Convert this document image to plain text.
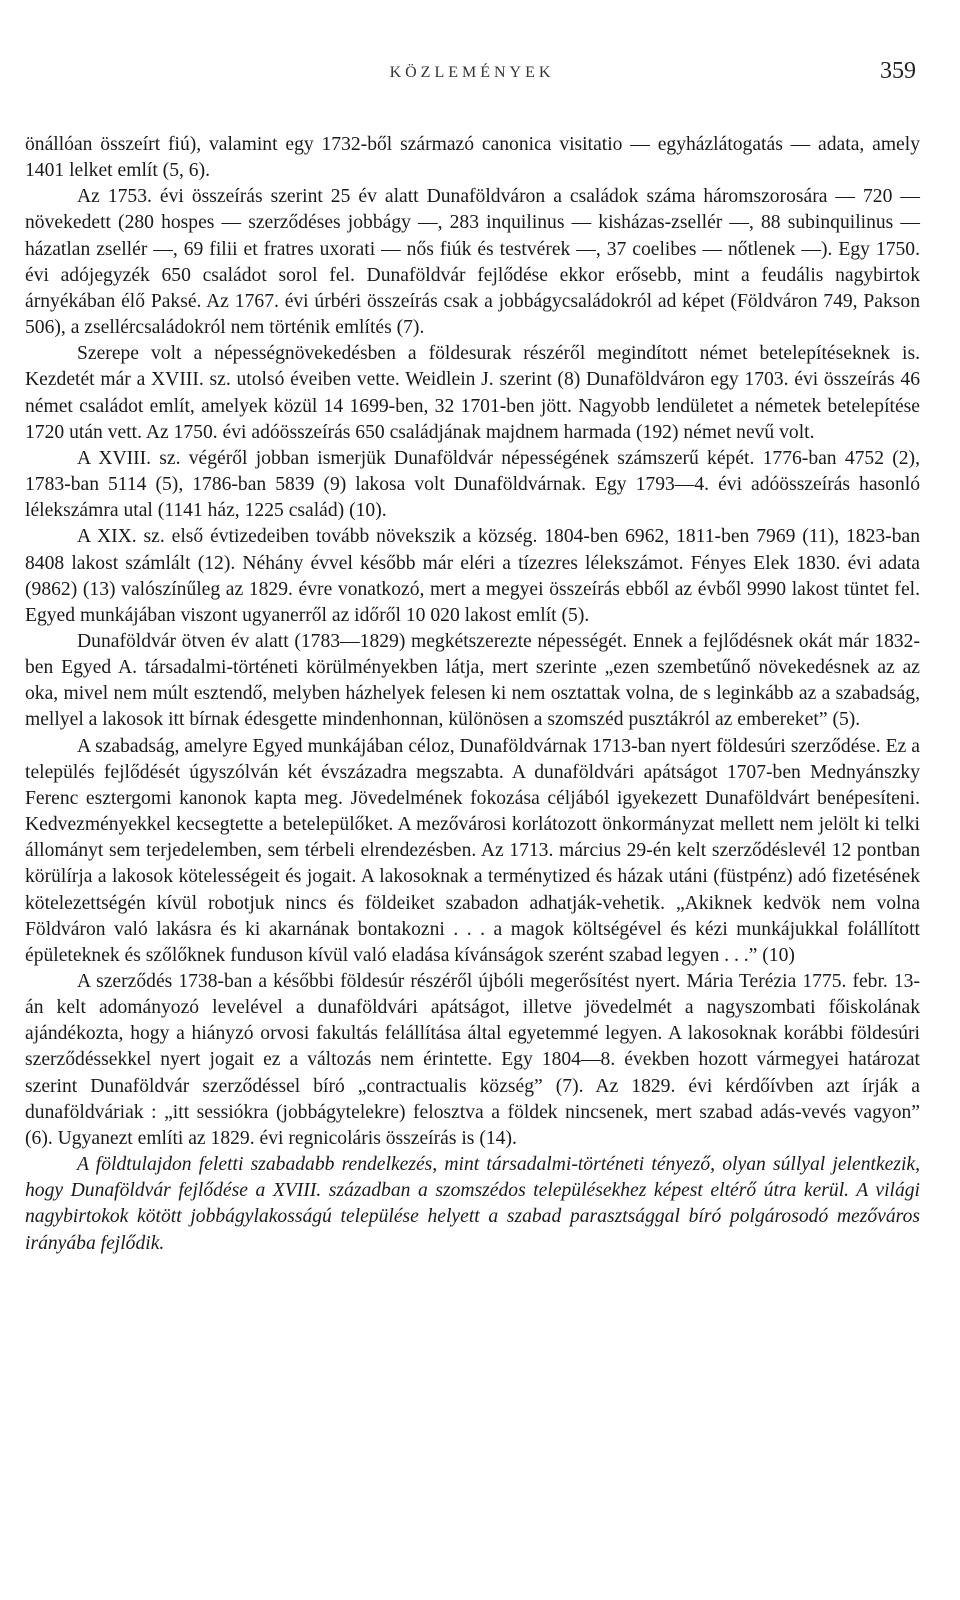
KÖZLEMÉNYEK	359

önállóan összeírt fiú), valamint egy 1732-ből származó canonica visitatio — egyházlátogatás — adata, amely 1401 lelket említ (5, 6).

Az 1753. évi összeírás szerint 25 év alatt Dunaföldváron a családok száma háromszorosára — 720 — növekedett (280 hospes — szerződéses jobbágy —, 283 inquilinus — kisházas-zsellér —, 88 subinquilinus — házatlan zsellér —, 69 filii et fratres uxorati — nős fiúk és testvérek —, 37 coelibes — nőtlenek —). Egy 1750. évi adójegyzék 650 családot sorol fel. Dunaföldvár fejlődése ekkor erősebb, mint a feudális nagybirtok árnyékában élő Paksé. Az 1767. évi úrbéri összeírás csak a jobbágycsaládokról ad képet (Földváron 749, Pakson 506), a zsellércsaládokról nem történik említés (7).

Szerepe volt a népességnövekedésben a földesurak részéről megindított német betelepítéseknek is. Kezdetét már a XVIII. sz. utolsó éveiben vette. Weidlein J. szerint (8) Dunaföldváron egy 1703. évi összeírás 46 német családot említ, amelyek közül 14 1699-ben, 32 1701-ben jött. Nagyobb lendületet a németek betelepítése 1720 után vett. Az 1750. évi adóösszeírás 650 családjának majdnem harmada (192) német nevű volt.

A XVIII. sz. végéről jobban ismerjük Dunaföldvár népességének számszerű képét. 1776-ban 4752 (2), 1783-ban 5114 (5), 1786-ban 5839 (9) lakosa volt Dunaföldvárnak. Egy 1793—4. évi adóösszeírás hasonló lélekszámra utal (1141 ház, 1225 család) (10).

A XIX. sz. első évtizedeiben tovább növekszik a község. 1804-ben 6962, 1811-ben 7969 (11), 1823-ban 8408 lakost számlált (12). Néhány évvel később már eléri a tízezres lélekszámot. Fényes Elek 1830. évi adata (9862) (13) valószínűleg az 1829. évre vonatkozó, mert a megyei összeírás ebből az évből 9990 lakost tüntet fel. Egyed munkájában viszont ugyanerről az időről 10 020 lakost említ (5).

Dunaföldvár ötven év alatt (1783—1829) megkétszerezte népességét. Ennek a fejlődésnek okát már 1832-ben Egyed A. társadalmi-történeti körülményekben látja, mert szerinte „ezen szembetűnő növekedésnek az az oka, mivel nem múlt esztendő, melyben házhelyek felesen ki nem osztattak volna, de s leginkább az a szabadság, mellyel a lakosok itt bírnak édesgette mindenhonnan, különösen a szomszéd pusztákról az embereket” (5).

A szabadság, amelyre Egyed munkájában céloz, Dunaföldvárnak 1713-ban nyert földesúri szerződése. Ez a település fejlődését úgyszólván két évszázadra megszabta. A dunaföldvári apátságot 1707-ben Mednyánszky Ferenc esztergomi kanonok kapta meg. Jövedelmének fokozása céljából igyekezett Dunaföldvárt benépesíteni. Kedvezményekkel kecsegtette a betelepülőket. A mezővárosi korlátozott önkormányzat mellett nem jelölt ki telki állományt sem terjedelemben, sem térbeli elrendezésben. Az 1713. március 29-én kelt szerződéslevél 12 pontban körülírja a lakosok kötelességeit és jogait. A lakosoknak a terménytized és házak utáni (füstpénz) adó fizetésének kötelezettségén kívül robotjuk nincs és földeiket szabadon adhatják-vehetik. „Akiknek kedvök nem volna Földváron való lakásra és ki akarnának bontakozni . . . a magok költségével és kézi munkájukkal folállított épületeknek és szőlőknek funduson kívül való eladása kívánságok szerént szabad legyen . . .” (10)

A szerződés 1738-ban a későbbi földesúr részéről újbóli megerősítést nyert. Mária Terézia 1775. febr. 13-án kelt adományozó levelével a dunaföldvári apátságot, illetve jövedelmét a nagyszombati főiskolának ajándékozta, hogy a hiányzó orvosi fakultás felállítása által egyetemmé legyen. A lakosoknak korábbi földesúri szerződéssekkel nyert jogait ez a változás nem érintette. Egy 1804—8. években hozott vármegyei határozat szerint Dunaföldvár szerződéssel bíró „contractualis község” (7). Az 1829. évi kérdőívben azt írják a dunaföldváriak : „itt sessiókra (jobbágytelekre) felosztva a földek nincsenek, mert szabad adás-vevés vagyon” (6). Ugyanezt említi az 1829. évi regnicoláris összeírás is (14).

A földtulajdon feletti szabadabb rendelkezés, mint társadalmi-történeti tényező, olyan súllyal jelentkezik, hogy Dunaföldvár fejlődése a XVIII. században a szomszédos településekhez képest eltérő útra kerül. A világi nagybirtokok kötött jobbágylakosságú települése helyett a szabad parasztsággal bíró polgárosodó mezőváros irányába fejlődik.
